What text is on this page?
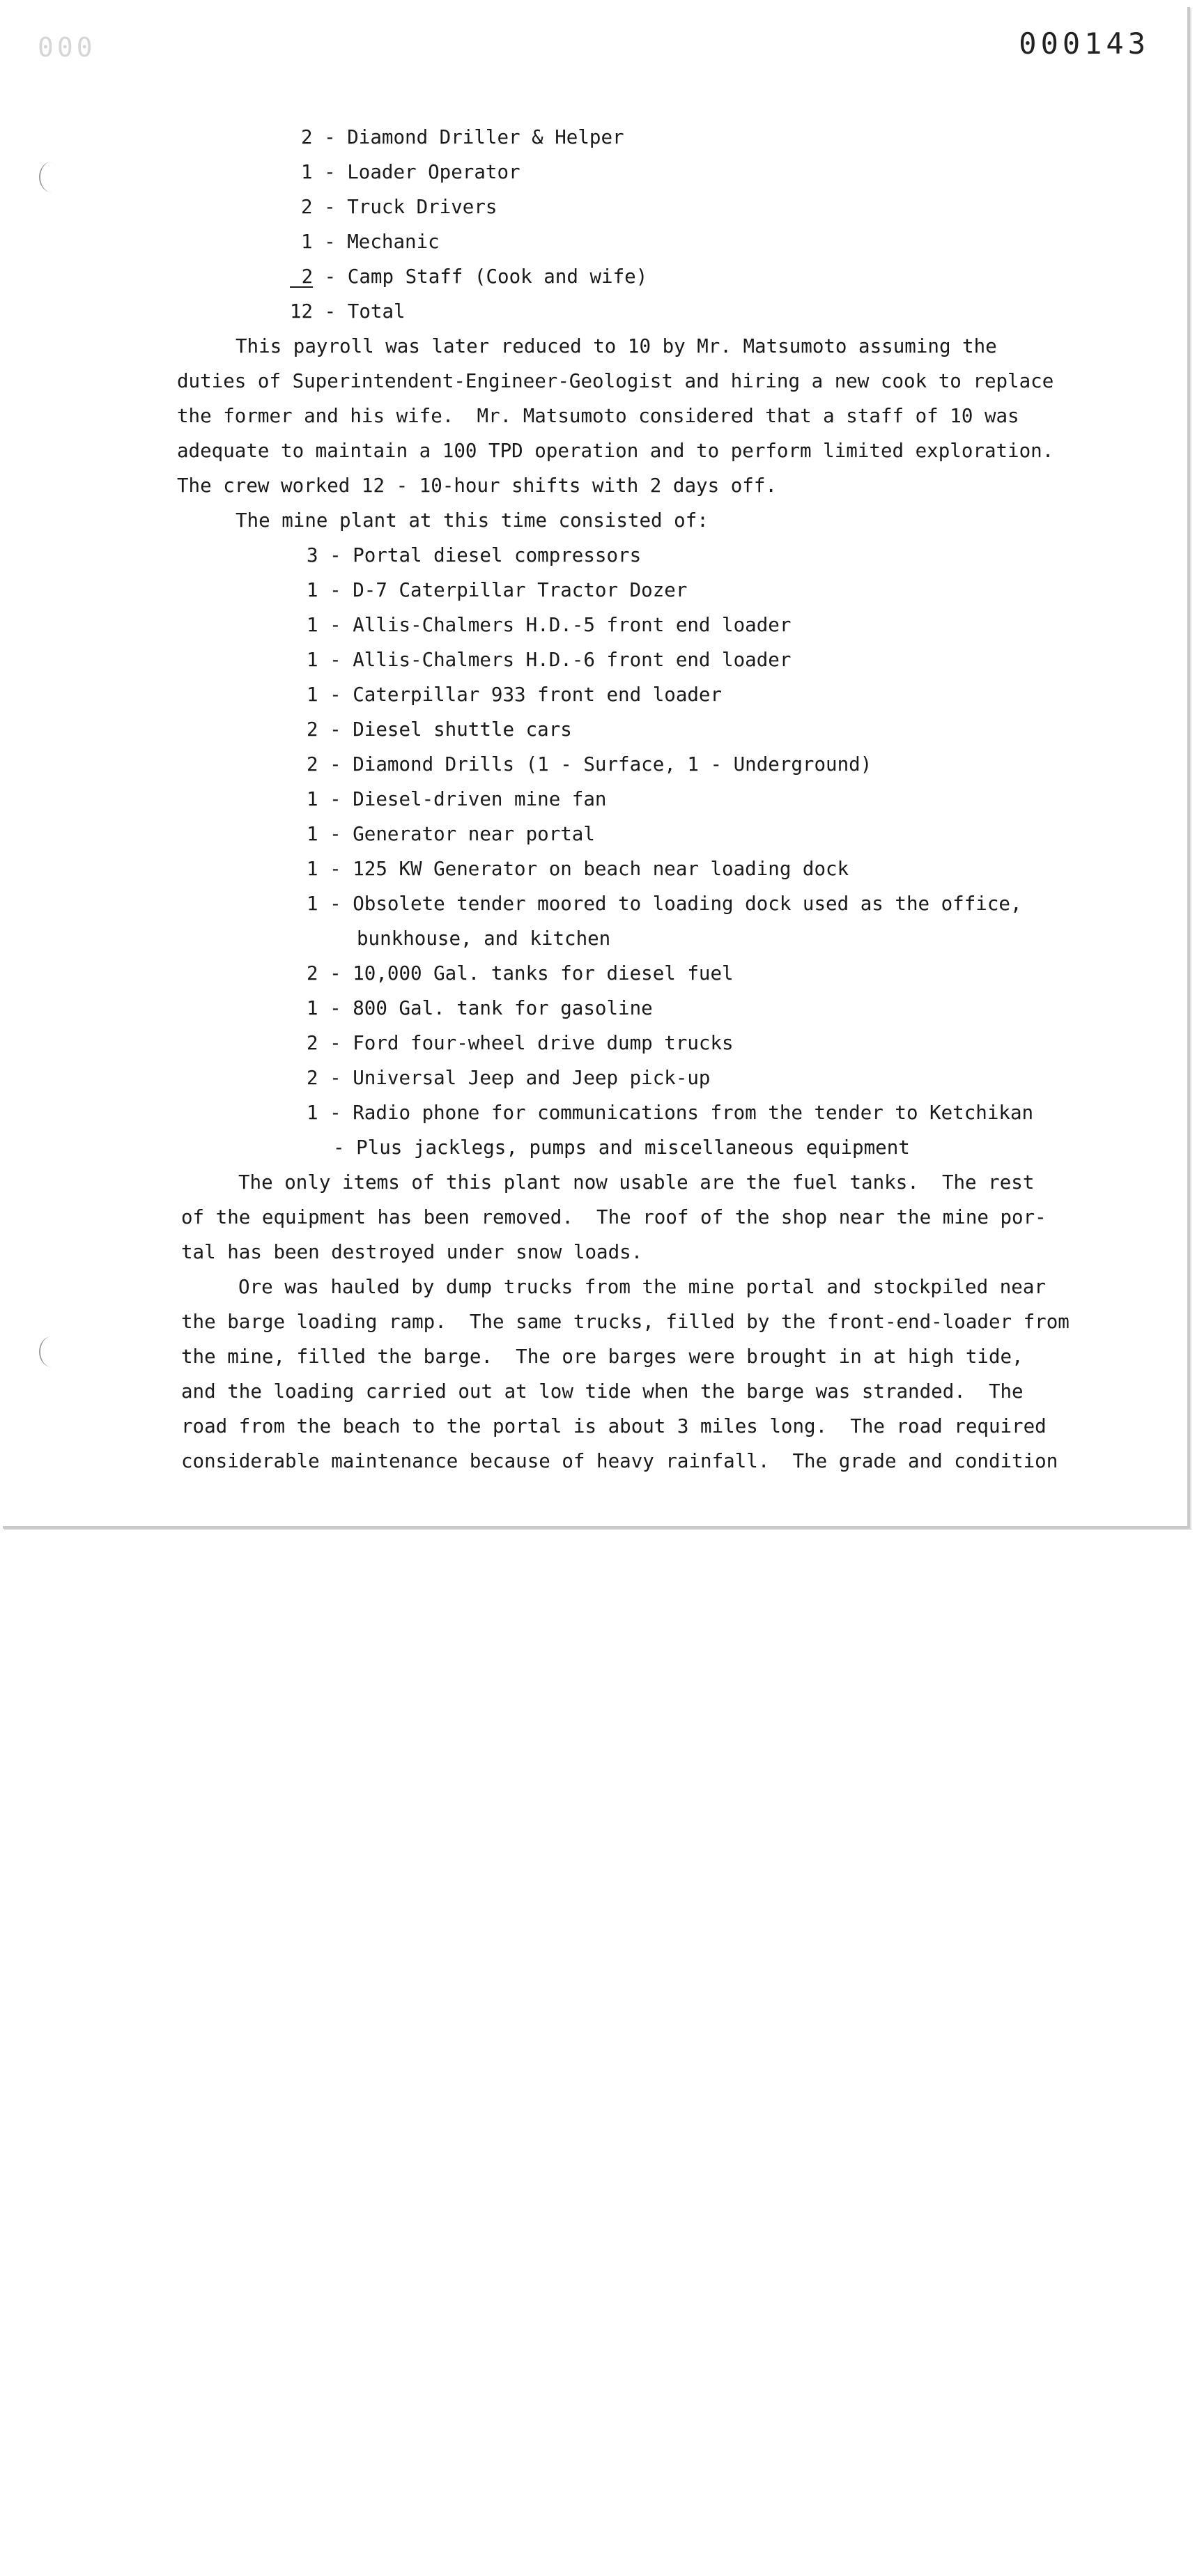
000	000143

2 - Diamond Driller & Helper

1 - Loader Operator

2 - Truck Drivers

1 - Mechanic

2 - Camp Staff (Cook and wife)

12 - Total

This payroll was later reduced to 10 by Mr. Matsumoto assuming the

duties of Superintendent-Engineer-Geologist and hiring a new cook to replace

the former and his wife.  Mr. Matsumoto considered that a staff of 10 was

adequate to maintain a 100 TPD operation and to perform limited exploration.

The crew worked 12 - 10-hour shifts with 2 days off.

The mine plant at this time consisted of:

3 - Portal diesel compressors

1 - D-7 Caterpillar Tractor Dozer

1 - Allis-Chalmers H.D.-5 front end loader

1 - Allis-Chalmers H.D.-6 front end loader

1 - Caterpillar 933 front end loader

2 - Diesel shuttle cars

2 - Diamond Drills (1 - Surface, 1 - Underground)

1 - Diesel-driven mine fan

1 - Generator near portal

1 - 125 KW Generator on beach near loading dock

1 - Obsolete tender moored to loading dock used as the office,

bunkhouse, and kitchen

2 - 10,000 Gal. tanks for diesel fuel

1 - 800 Gal. tank for gasoline

2 - Ford four-wheel drive dump trucks

2 - Universal Jeep and Jeep pick-up

1 - Radio phone for communications from the tender to Ketchikan

- Plus jacklegs, pumps and miscellaneous equipment

The only items of this plant now usable are the fuel tanks.  The rest

of the equipment has been removed.  The roof of the shop near the mine por-

tal has been destroyed under snow loads.

Ore was hauled by dump trucks from the mine portal and stockpiled near

the barge loading ramp.  The same trucks, filled by the front-end-loader from

the mine, filled the barge.  The ore barges were brought in at high tide,

and the loading carried out at low tide when the barge was stranded.  The

road from the beach to the portal is about 3 miles long.  The road required

considerable maintenance because of heavy rainfall.  The grade and condition
